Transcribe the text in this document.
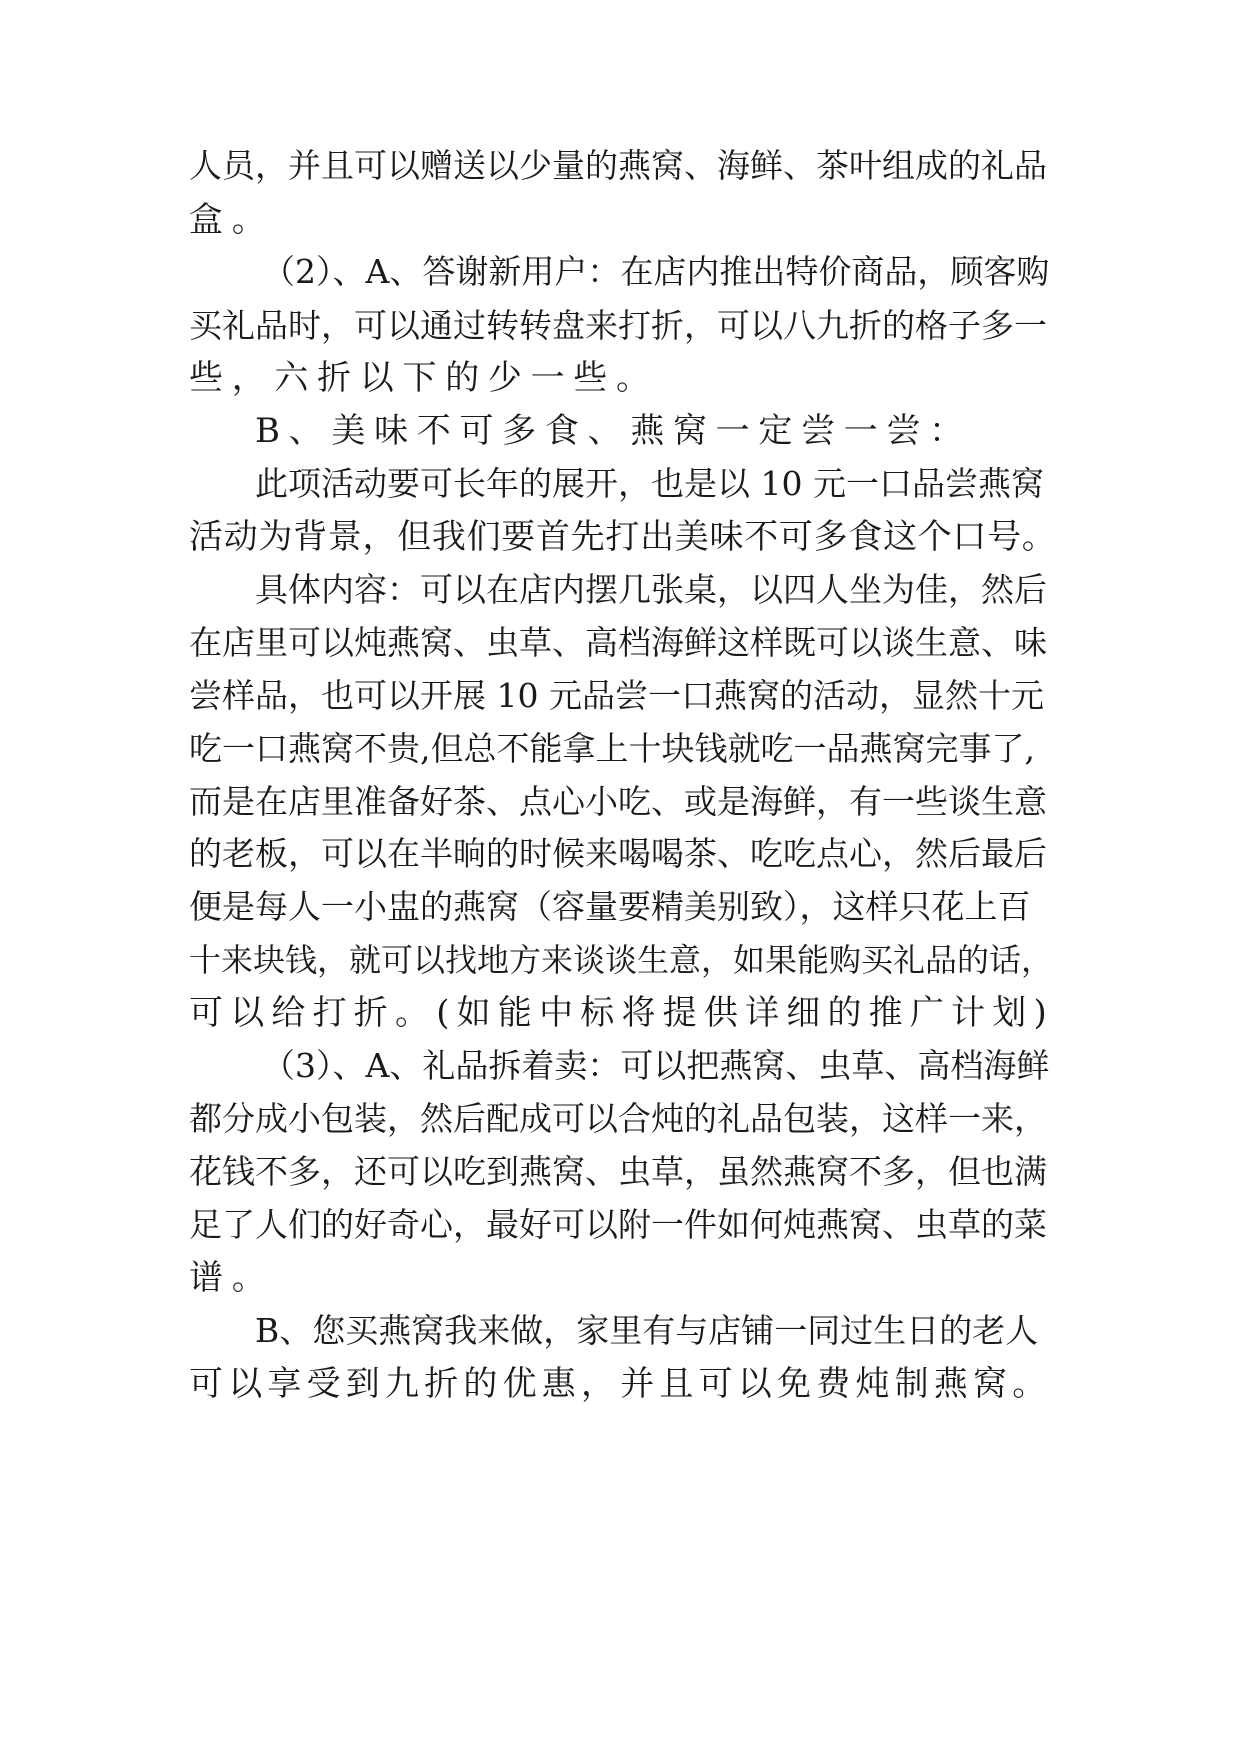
人员，并且可以赠送以少量的燕窝、海鲜、茶叶组成的礼品

盒。

（2）、A、答谢新用户：在店内推出特价商品，顾客购

买礼品时，可以通过转转盘来打折，可以八九折的格子多一

些，六折以下的少一些。

B、美味不可多食、燕窝一定尝一尝：

此项活动要可长年的展开，也是以 10 元一口品尝燕窝

活动为背景，但我们要首先打出美味不可多食这个口号。

具体内容：可以在店内摆几张桌，以四人坐为佳，然后

在店里可以炖燕窝、虫草、高档海鲜这样既可以谈生意、味

尝样品，也可以开展 10 元品尝一口燕窝的活动，显然十元

吃一口燕窝不贵,但总不能拿上十块钱就吃一品燕窝完事了,

而是在店里准备好茶、点心小吃、或是海鲜，有一些谈生意

的老板，可以在半晌的时候来喝喝茶、吃吃点心，然后最后

便是每人一小盅的燕窝（容量要精美别致），这样只花上百

十来块钱，就可以找地方来谈谈生意，如果能购买礼品的话，

可以给打折。(如能中标将提供详细的推广计划)

（3）、A、礼品拆着卖：可以把燕窝、虫草、高档海鲜

都分成小包装，然后配成可以合炖的礼品包装，这样一来，

花钱不多，还可以吃到燕窝、虫草，虽然燕窝不多，但也满

足了人们的好奇心，最好可以附一件如何炖燕窝、虫草的菜

谱。

B、您买燕窝我来做，家里有与店铺一同过生日的老人

可以享受到九折的优惠，并且可以免费炖制燕窝。
